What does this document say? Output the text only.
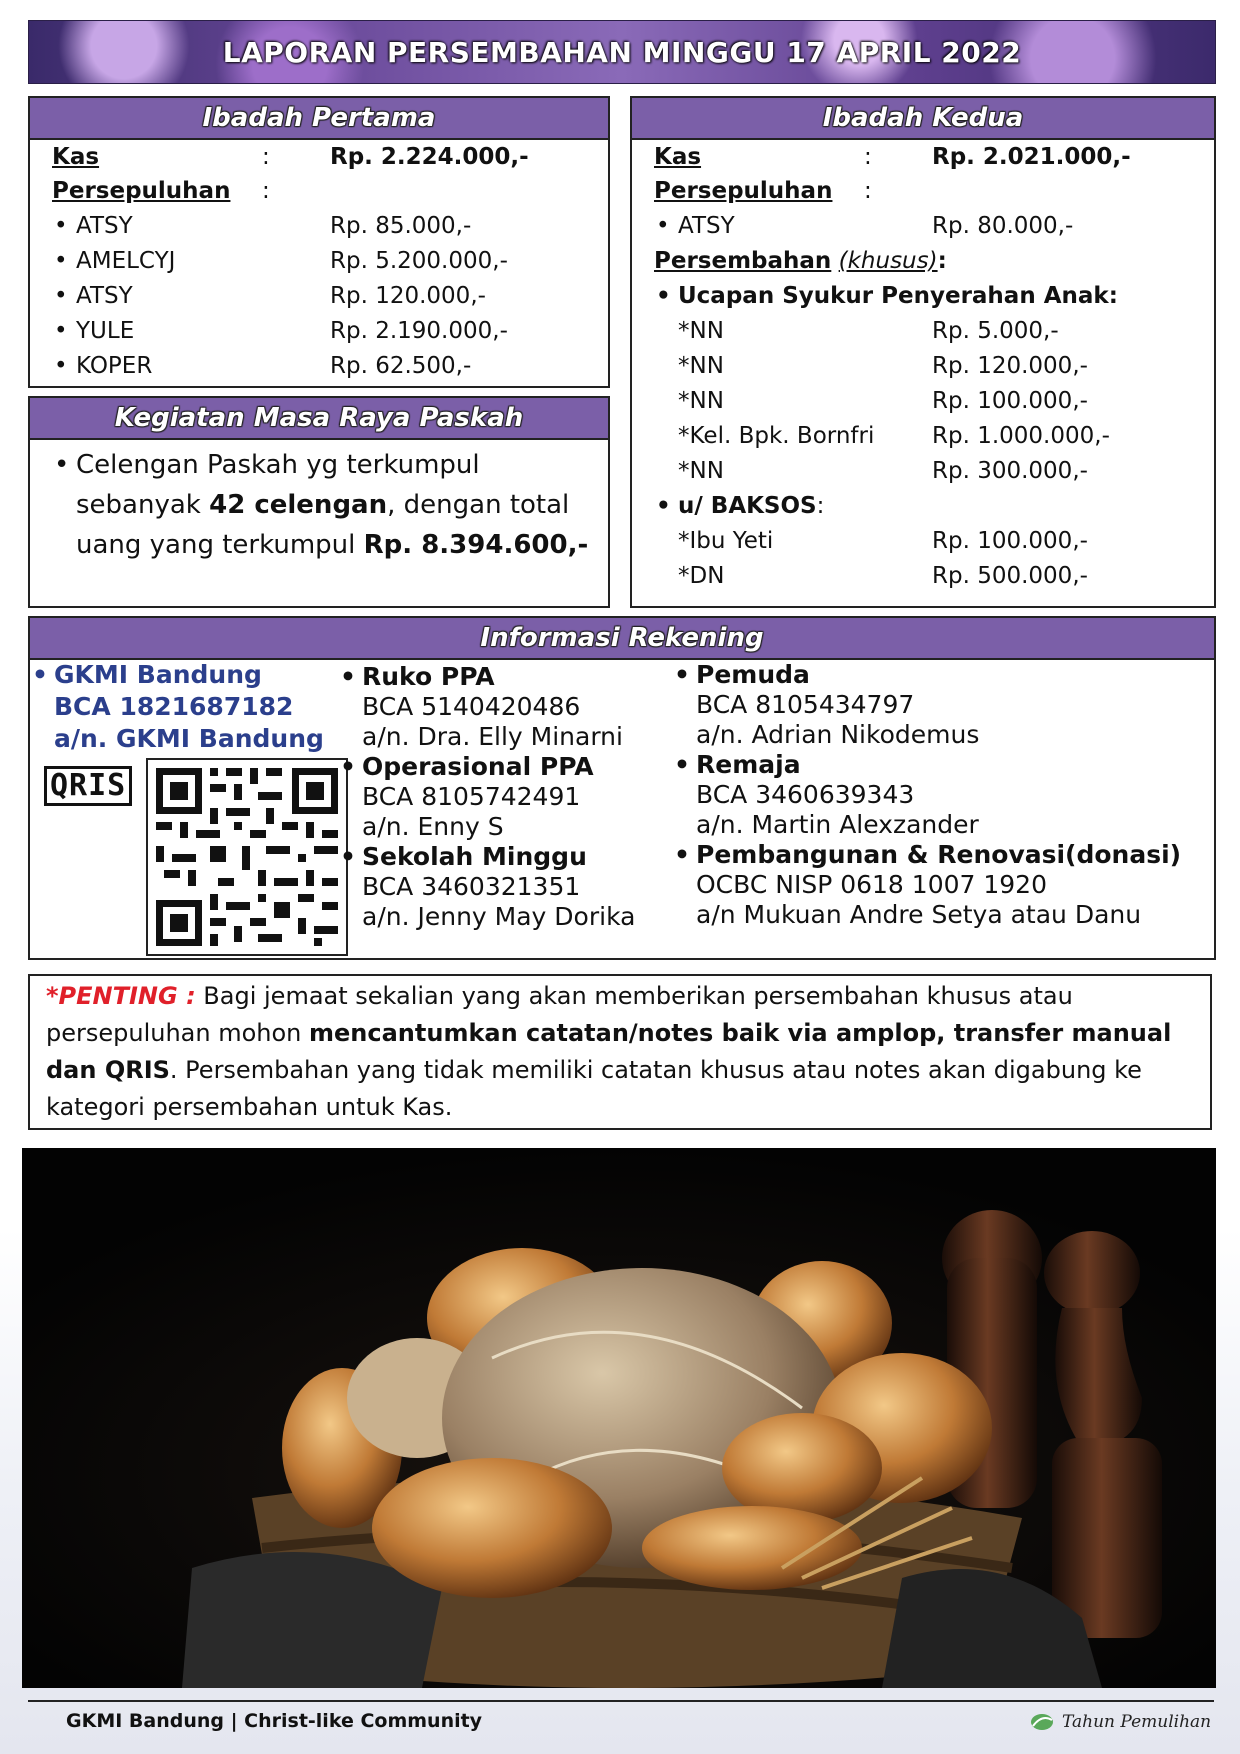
LAPORAN PERSEMBAHAN MINGGU 17 APRIL 2022
Ibadah Pertama
Kas	:	Rp. 2.224.000,-
Persepuluhan :
• ATSY	Rp. 85.000,-
• AMELCYJ	Rp. 5.200.000,-
• ATSY	Rp. 120.000,-
• YULE	Rp. 2.190.000,-
• KOPER	Rp. 62.500,-
Kegiatan Masa Raya Paskah
• Celengan Paskah yg terkumpul
sebanyak 42 celengan, dengan total
uang yang terkumpul Rp. 8.394.600,-
Ibadah Kedua
Kas	:	Rp. 2.021.000,-
Persepuluhan :
• ATSY	Rp. 80.000,-
Persembahan (khusus):
• Ucapan Syukur Penyerahan Anak:
*NN	Rp. 5.000,-
*NN	Rp. 120.000,-
*NN	Rp. 100.000,-
*Kel. Bpk. Bornfri	Rp. 1.000.000,-
*NN	Rp. 300.000,-
• u/ BAKSOS:
*Ibu Yeti	Rp. 100.000,-
*DN	Rp. 500.000,-
Informasi Rekening
• GKMI Bandung
BCA 1821687182
a/n. GKMI Bandung
QRIS
• Ruko PPA
BCA 5140420486
a/n. Dra. Elly Minarni
• Operasional PPA
BCA 8105742491
a/n. Enny S
• Sekolah Minggu
BCA 3460321351
a/n. Jenny May Dorika
• Pemuda
BCA 8105434797
a/n. Adrian Nikodemus
• Remaja
BCA 3460639343
a/n. Martin Alexzander
• Pembangunan & Renovasi(donasi)
OCBC NISP 0618 1007 1920
a/n Mukuan Andre Setya atau Danu
*PENTING : Bagi jemaat sekalian yang akan memberikan persembahan khusus atau
persepuluhan mohon mencantumkan catatan/notes baik via amplop, transfer manual
dan QRIS. Persembahan yang tidak memiliki catatan khusus atau notes akan digabung ke
kategori persembahan untuk Kas.
GKMI Bandung | Christ-like Community	Tahun Pemulihan
